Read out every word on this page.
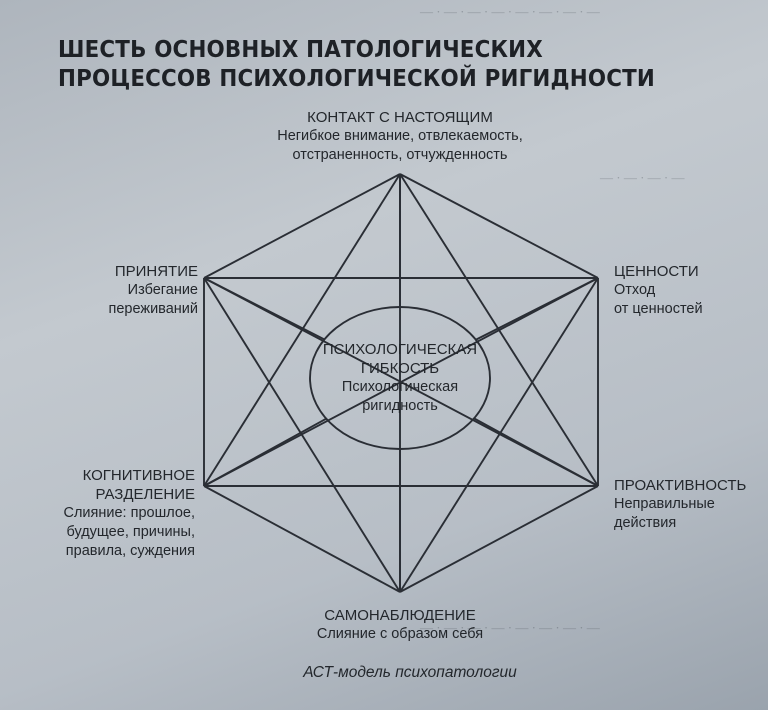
— · — · — · — · — · — · — · —
— · — · — · —
— · — · — · — · — · — · — · —
ШЕСТЬ ОСНОВНЫХ ПАТОЛОГИЧЕСКИХ
ПРОЦЕССОВ ПСИХОЛОГИЧЕСКОЙ РИГИДНОСТИ
КОНТАКТ С НАСТОЯЩИМ
Негибкое внимание, отвлекаемость,
отстраненность, отчужденность
ПРИНЯТИЕ
Избегание
переживаний
ЦЕННОСТИ
Отход
от ценностей
КОГНИТИВНОЕ
РАЗДЕЛЕНИЕ
Слияние: прошлое,
будущее, причины,
правила, суждения
ПРОАКТИВНОСТЬ
Неправильные
действия
САМОНАБЛЮДЕНИЕ
Слияние с образом себя
ПСИХОЛОГИЧЕСКАЯ
ГИБКОСТЬ
Психологическая
ригидность
АСТ-модель психопатологии
